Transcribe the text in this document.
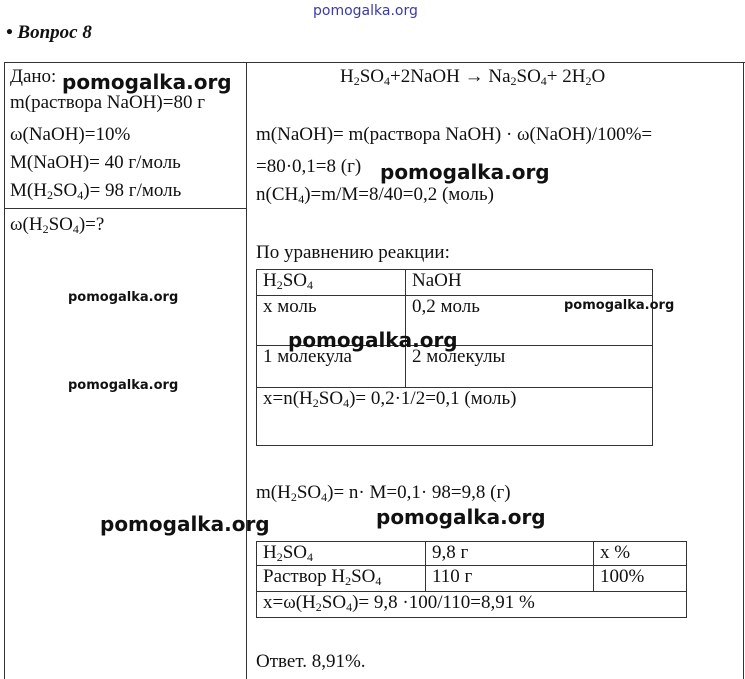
pomogalka.org
• Вопрос 8
Дано:
m(раствора NaOH)=80 г
ω(NaOH)=10%
M(NaOH)= 40 г/моль
$M(H_2SO_4)= 98$ г/моль
$\omega(H_2SO_4)=$?
$H_2SO_4+2NaOH \to Na_2SO_4+ 2H_2O$
m(NaOH)= m(раствора NaOH) · ω(NaOH)/100%=
=80·0,1=8 (г)
$n(CH_4)=m/M=8/40=0,2$ (моль)
По уравнению реакции:
$H_2SO_4$	NaOH
x моль	0,2 моль
1 молекула	2 молекулы
$x=n(H_2SO_4)= 0,2\cdot 1/2=0,1$ (моль)	
$m(H_2SO_4)= n\cdot M=0,1\cdot 98=9,8$ (г)
$H_2SO_4$	9,8 г	x %
Раствор $H_2SO_4$	110 г	100%
$x=\omega(H_2SO_4)= 9,8 \cdot 100/110=8,91$ %		
Ответ. 8,91%.
pomogalka.org
pomogalka.org
pomogalka.org
pomogalka.org
pomogalka.org
pomogalka.org
pomogalka.org
pomogalka.org
